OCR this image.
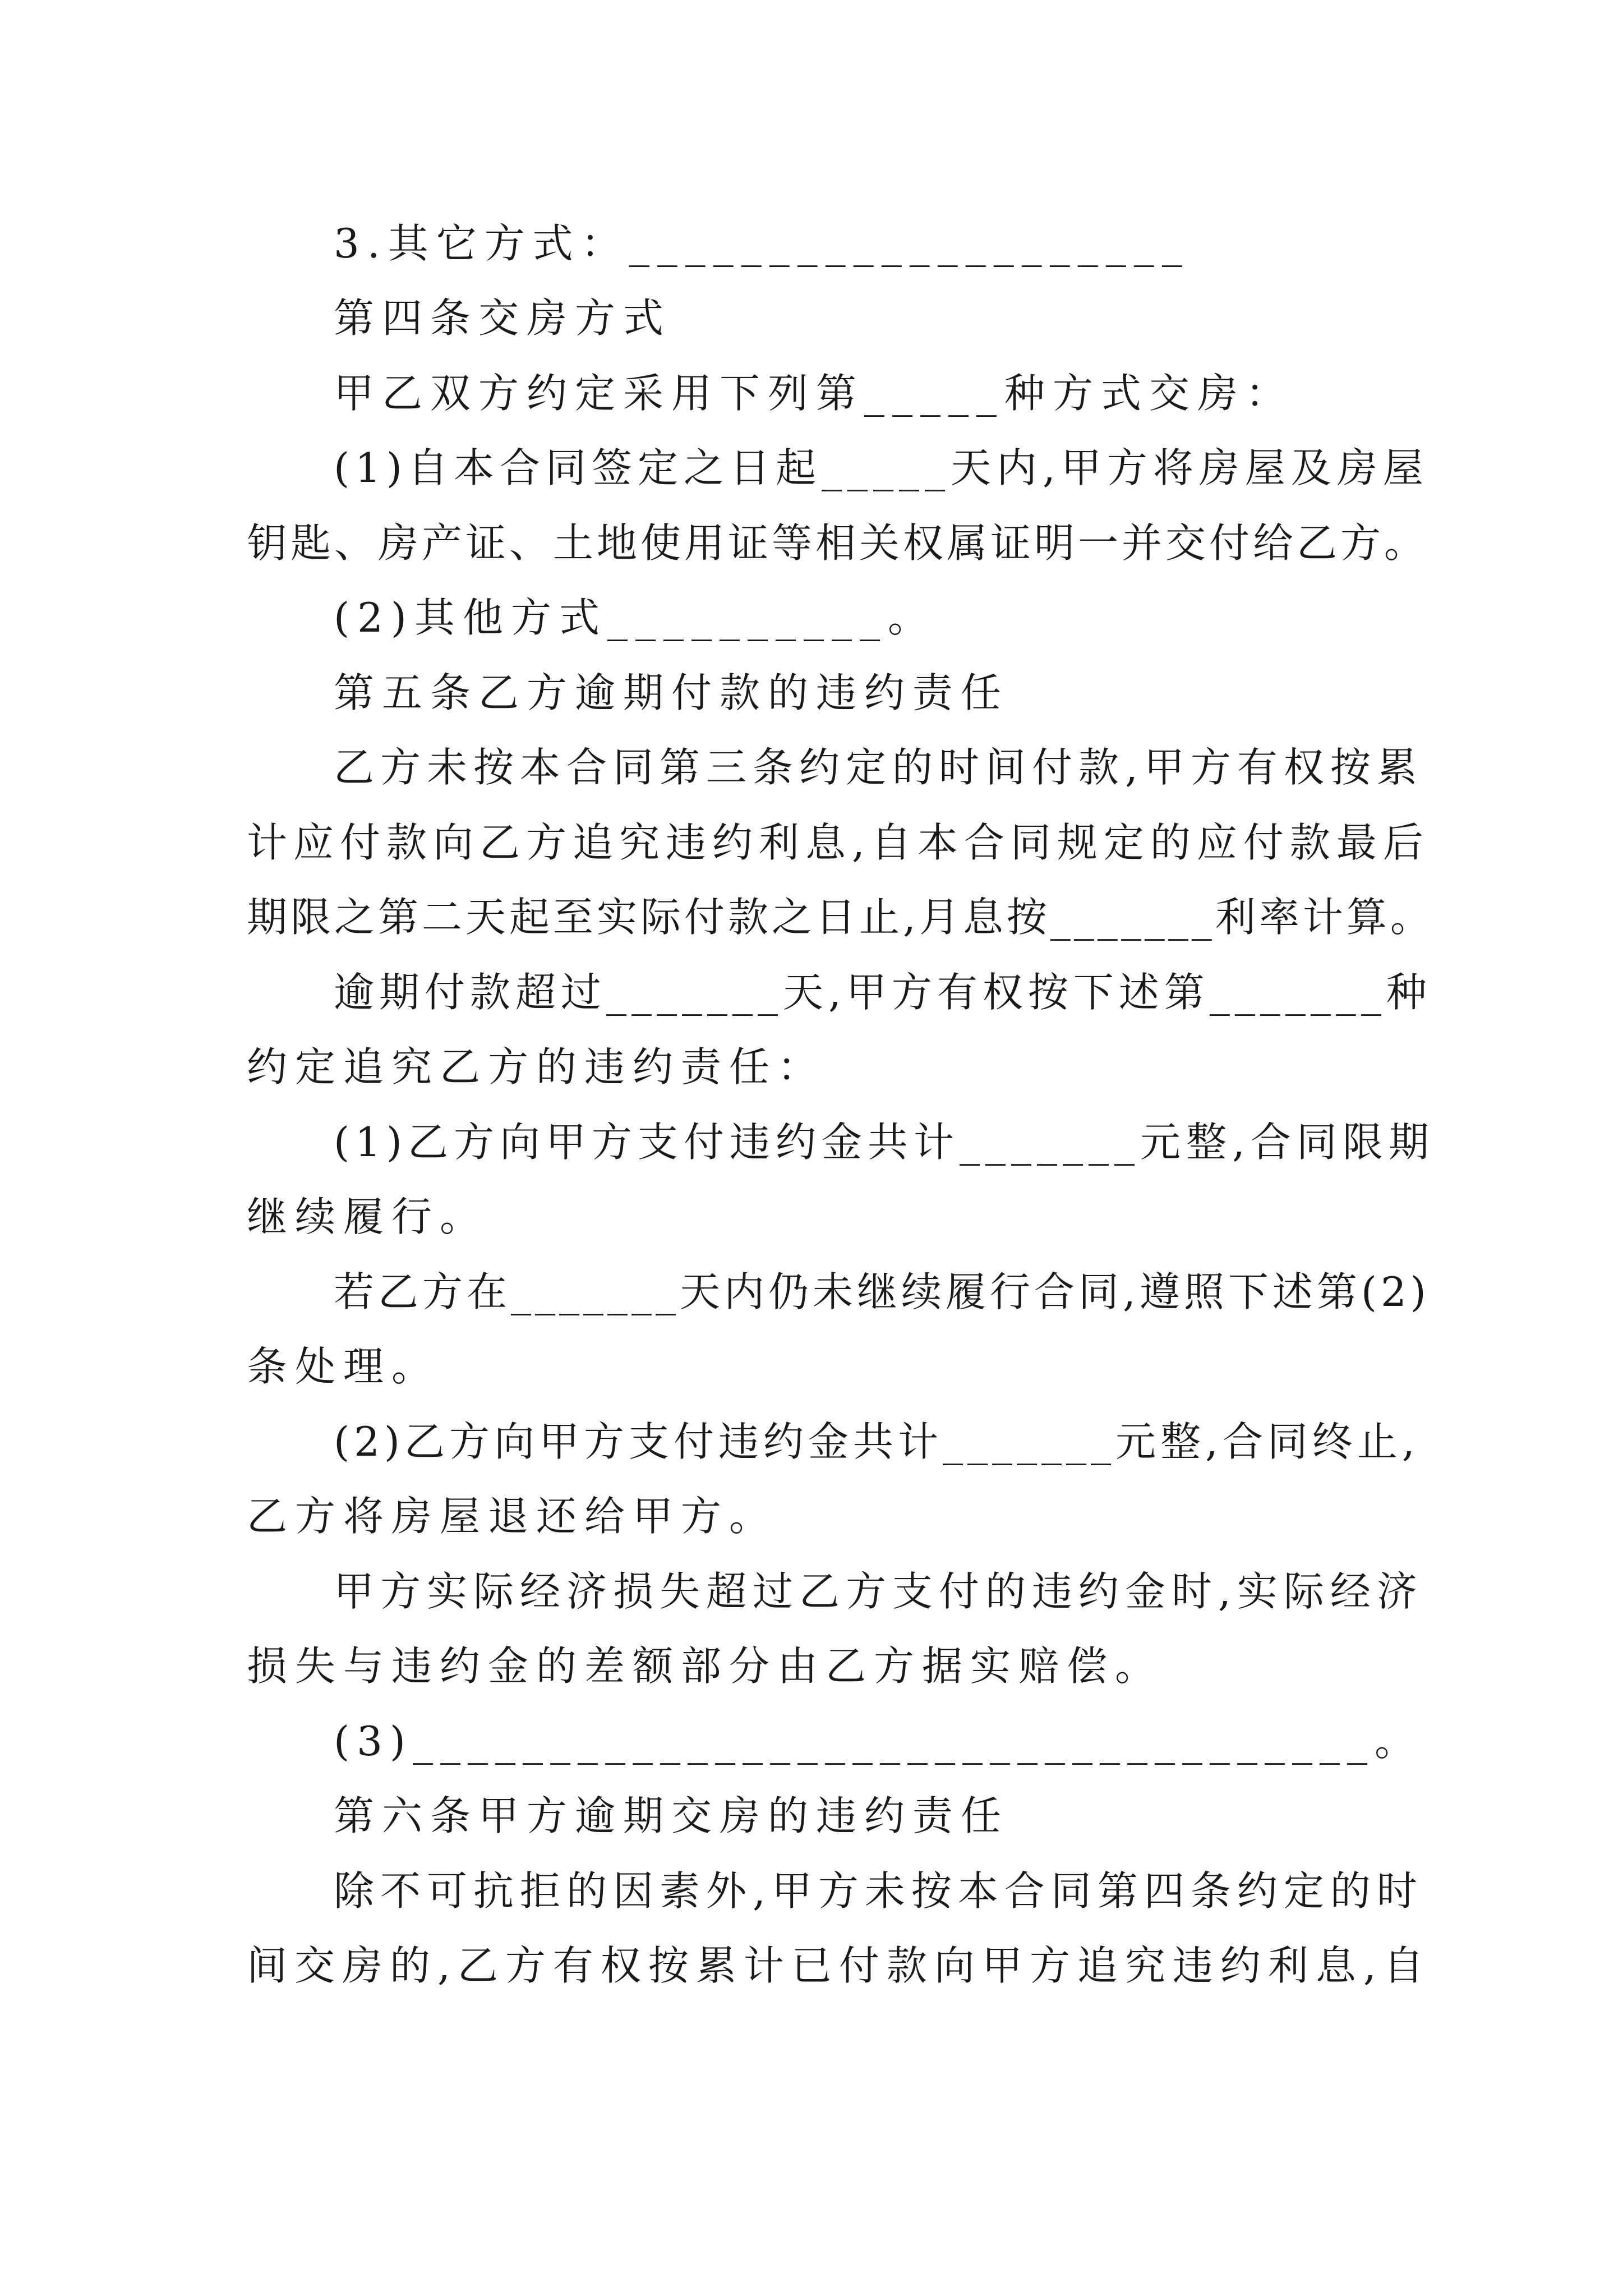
3.其它方式：____________________
第四条交房方式
甲乙双方约定采用下列第_____种方式交房：
(1)自本合同签定之日起_____天内,甲方将房屋及房屋
钥匙、房产证、土地使用证等相关权属证明一并交付给乙方。
(2)其他方式__________。
第五条乙方逾期付款的违约责任
乙方未按本合同第三条约定的时间付款,甲方有权按累
计应付款向乙方追究违约利息,自本合同规定的应付款最后
期限之第二天起至实际付款之日止,月息按_______利率计算。
逾期付款超过_______天,甲方有权按下述第_______种
约定追究乙方的违约责任：
(1)乙方向甲方支付违约金共计_______元整,合同限期
继续履行。
若乙方在_______天内仍未继续履行合同,遵照下述第(2)
条处理。
(2)乙方向甲方支付违约金共计_______元整,合同终止,
乙方将房屋退还给甲方。
甲方实际经济损失超过乙方支付的违约金时,实际经济
损失与违约金的差额部分由乙方据实赔偿。
(3)___________________________________。
第六条甲方逾期交房的违约责任
除不可抗拒的因素外,甲方未按本合同第四条约定的时
间交房的,乙方有权按累计已付款向甲方追究违约利息,自
